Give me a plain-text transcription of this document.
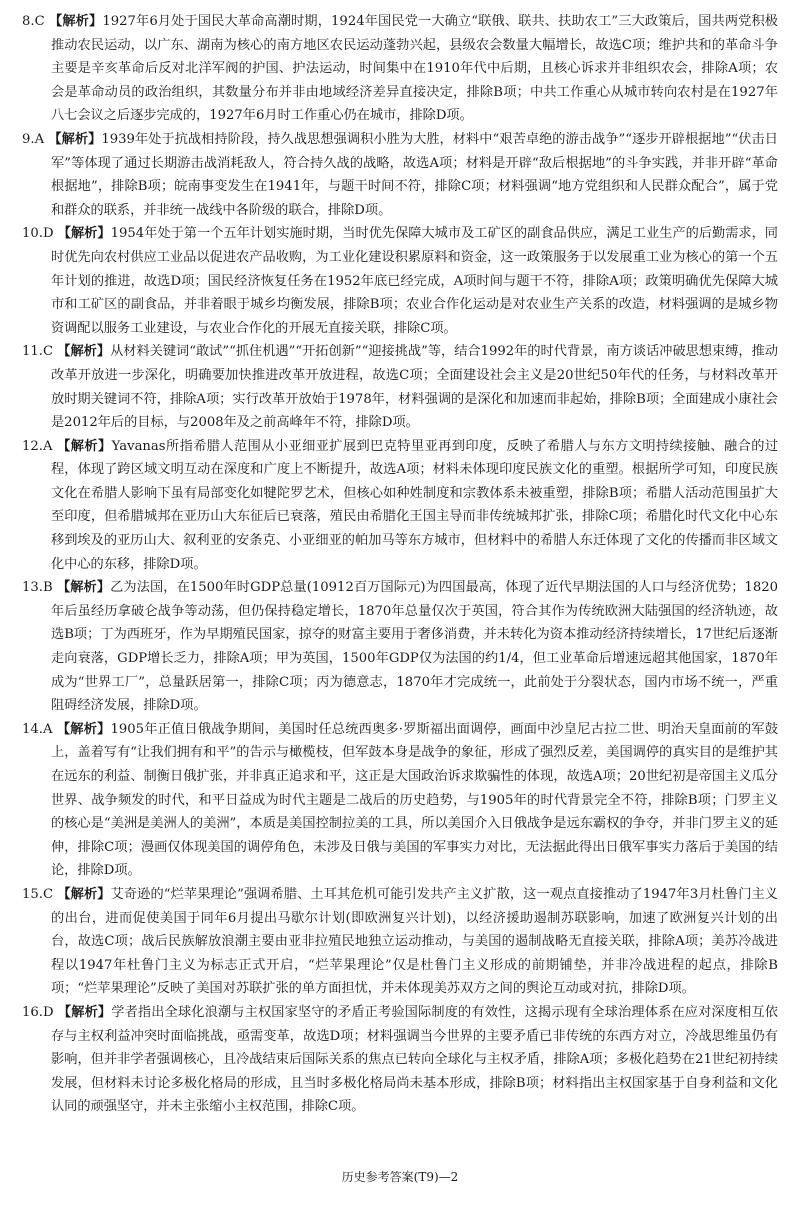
8.C 【解析】1927年6月处于国民大革命高潮时期，1924年国民党一大确立“联俄、联共、扶助农工”三大政策后，国共两党积极推动农民运动，以广东、湖南为核心的南方地区农民运动蓬勃兴起，县级农会数量大幅增长，故选C项；维护共和的革命斗争主要是辛亥革命后反对北洋军阀的护国、护法运动，时间集中在1910年代中后期，且核心诉求并非组织农会，排除A项；农会是革命动员的政治组织，其数量分布并非由地域经济差异直接决定，排除B项；中共工作重心从城市转向农村是在1927年八七会议之后逐步完成的，1927年6月时工作重心仍在城市，排除D项。

9.A 【解析】1939年处于抗战相持阶段，持久战思想强调积小胜为大胜，材料中“艰苦卓绝的游击战争”“逐步开辟根据地”“伏击日军”等体现了通过长期游击战消耗敌人，符合持久战的战略，故选A项；材料是开辟“敌后根据地”的斗争实践，并非开辟“革命根据地”，排除B项；皖南事变发生在1941年，与题干时间不符，排除C项；材料强调“地方党组织和人民群众配合”，属于党和群众的联系，并非统一战线中各阶级的联合，排除D项。

10.D 【解析】1954年处于第一个五年计划实施时期，当时优先保障大城市及工矿区的副食品供应，满足工业生产的后勤需求，同时优先向农村供应工业品以促进农产品收购，为工业化建设积累原料和资金，这一政策服务于以发展重工业为核心的第一个五年计划的推进，故选D项；国民经济恢复任务在1952年底已经完成，A项时间与题干不符，排除A项；政策明确优先保障大城市和工矿区的副食品，并非着眼于城乡均衡发展，排除B项；农业合作化运动是对农业生产关系的改造，材料强调的是城乡物资调配以服务工业建设，与农业合作化的开展无直接关联，排除C项。

11.C 【解析】从材料关键词“敢试”“抓住机遇”“开拓创新”“迎接挑战”等，结合1992年的时代背景，南方谈话冲破思想束缚，推动改革开放进一步深化，明确要加快推进改革开放进程，故选C项；全面建设社会主义是20世纪50年代的任务，与材料改革开放时期关键词不符，排除A项；实行改革开放始于1978年，材料强调的是深化和加速而非起始，排除B项；全面建成小康社会是2012年后的目标，与2008年及之前高峰年不符，排除D项。

12.A 【解析】Yavanas所指希腊人范围从小亚细亚扩展到巴克特里亚再到印度，反映了希腊人与东方文明持续接触、融合的过程，体现了跨区域文明互动在深度和广度上不断提升，故选A项；材料未体现印度民族文化的重塑。根据所学可知，印度民族文化在希腊人影响下虽有局部变化如犍陀罗艺术，但核心如种姓制度和宗教体系未被重塑，排除B项；希腊人活动范围虽扩大至印度，但希腊城邦在亚历山大东征后已衰落，殖民由希腊化王国主导而非传统城邦扩张，排除C项；希腊化时代文化中心东移到埃及的亚历山大、叙利亚的安条克、小亚细亚的帕加马等东方城市，但材料中的希腊人东迁体现了文化的传播而非区域文化中心的东移，排除D项。

13.B 【解析】乙为法国，在1500年时GDP总量(10912百万国际元)为四国最高，体现了近代早期法国的人口与经济优势；1820年后虽经历拿破仑战争等动荡，但仍保持稳定增长，1870年总量仅次于英国，符合其作为传统欧洲大陆强国的经济轨迹，故选B项；丁为西班牙，作为早期殖民国家，掠夺的财富主要用于奢侈消费，并未转化为资本推动经济持续增长，17世纪后逐渐走向衰落，GDP增长乏力，排除A项；甲为英国，1500年GDP仅为法国的约1/4，但工业革命后增速远超其他国家，1870年成为“世界工厂”，总量跃居第一，排除C项；丙为德意志，1870年才完成统一，此前处于分裂状态，国内市场不统一，严重阻碍经济发展，排除D项。

14.A 【解析】1905年正值日俄战争期间，美国时任总统西奥多·罗斯福出面调停，画面中沙皇尼古拉二世、明治天皇面前的军鼓上，盖着写有“让我们拥有和平”的告示与橄榄枝，但军鼓本身是战争的象征，形成了强烈反差，美国调停的真实目的是维护其在远东的利益、制衡日俄扩张，并非真正追求和平，这正是大国政治诉求欺骗性的体现，故选A项；20世纪初是帝国主义瓜分世界、战争频发的时代，和平日益成为时代主题是二战后的历史趋势，与1905年的时代背景完全不符，排除B项；门罗主义的核心是“美洲是美洲人的美洲”，本质是美国控制拉美的工具，所以美国介入日俄战争是远东霸权的争夺，并非门罗主义的延伸，排除C项；漫画仅体现美国的调停角色，未涉及日俄与美国的军事实力对比，无法据此得出日俄军事实力落后于美国的结论，排除D项。

15.C 【解析】艾奇逊的“烂苹果理论”强调希腊、土耳其危机可能引发共产主义扩散，这一观点直接推动了1947年3月杜鲁门主义的出台，进而促使美国于同年6月提出马歇尔计划(即欧洲复兴计划)，以经济援助遏制苏联影响，加速了欧洲复兴计划的出台，故选C项；战后民族解放浪潮主要由亚非拉殖民地独立运动推动，与美国的遏制战略无直接关联，排除A项；美苏冷战进程以1947年杜鲁门主义为标志正式开启，“烂苹果理论”仅是杜鲁门主义形成的前期铺垫，并非冷战进程的起点，排除B项；“烂苹果理论”反映了美国对苏联扩张的单方面担忧，并未体现美苏双方之间的舆论互动或对抗，排除D项。

16.D 【解析】学者指出全球化浪潮与主权国家坚守的矛盾正考验国际制度的有效性，这揭示现有全球治理体系在应对深度相互依存与主权利益冲突时面临挑战，亟需变革，故选D项；材料强调当今世界的主要矛盾已非传统的东西方对立，冷战思维虽仍有影响，但并非学者强调核心，且冷战结束后国际关系的焦点已转向全球化与主权矛盾，排除A项；多极化趋势在21世纪初持续发展，但材料未讨论多极化格局的形成，且当时多极化格局尚未基本形成，排除B项；材料指出主权国家基于自身利益和文化认同的顽强坚守，并未主张缩小主权范围，排除C项。

历史参考答案(T9)—2
